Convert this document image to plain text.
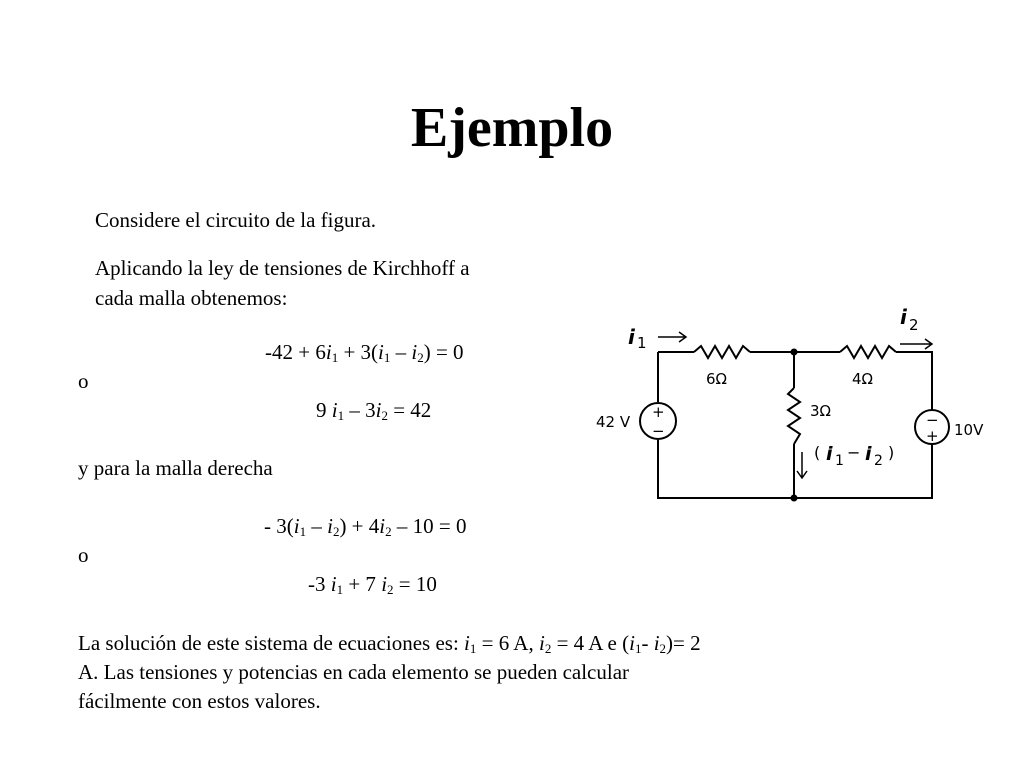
Ejemplo

Considere el circuito de la figura.

Aplicando la ley de tensiones de Kirchhoff a

cada malla obtenemos:

$-42 + 6i_1 + 3(i_1 - i_2) = 0$

o

9 $i_1 - 3i_2 = 42$

y para la malla derecha

- $3(i_1 - i_2) + 4i_2 - 10 = 0$

o

-3 $i_1 + 7$ $i_2 = 10$

La solución de este sistema de ecuaciones es: $i_1 = 6$ A, $i_2 = 4$ A e ($i_1-$ $i_2)= 2$ A. Las tensiones y potencias en cada elemento se pueden calcular fácilmente con estos valores.

i 1
i 2
6Ω	4Ω
3Ω
42 V	10V
+
−
−
+
( i 1 − i 2 )
